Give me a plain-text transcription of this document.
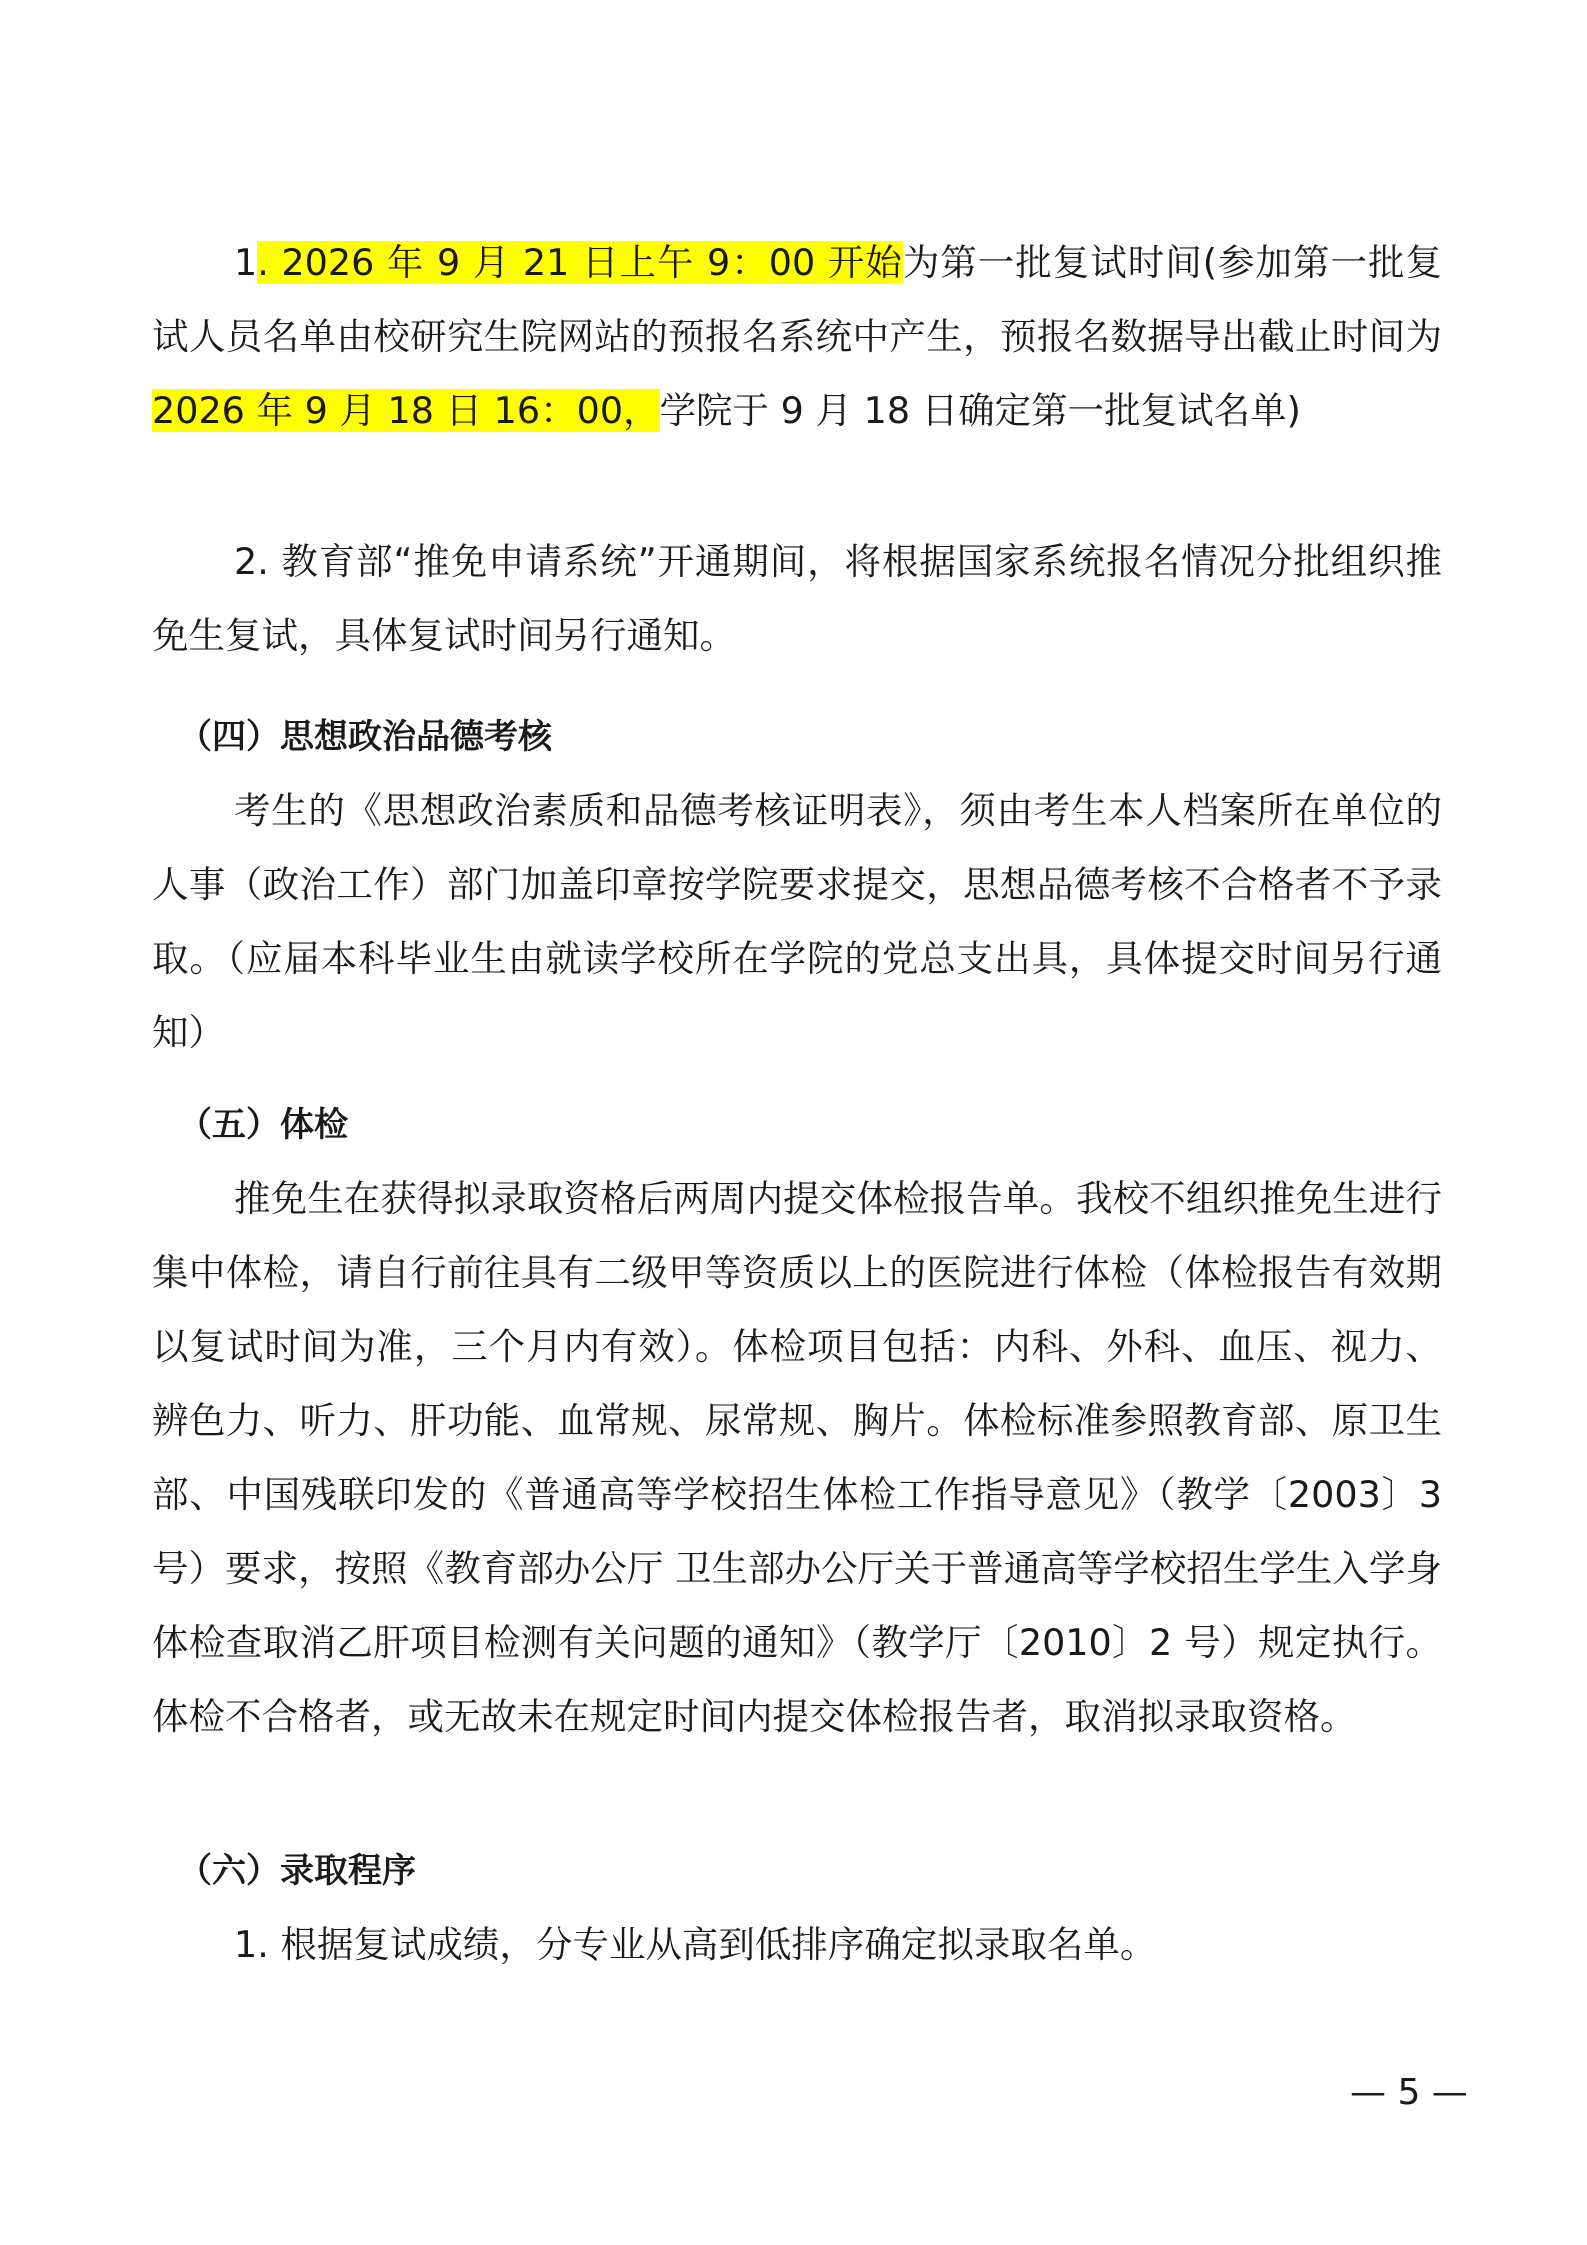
1. 2026 年 9 月 21 日上午 9：00 开始为第一批复试时间(参加第一批复试人员名单由校研究生院网站的预报名系统中产生，预报名数据导出截止时间为2026 年 9 月 18 日 16：00，学院于 9 月 18 日确定第一批复试名单)

2. 教育部“推免申请系统”开通期间，将根据国家系统报名情况分批组织推免生复试，具体复试时间另行通知。

（四）思想政治品德考核

考生的《思想政治素质和品德考核证明表》，须由考生本人档案所在单位的人事（政治工作）部门加盖印章按学院要求提交，思想品德考核不合格者不予录取。（应届本科毕业生由就读学校所在学院的党总支出具，具体提交时间另行通知）

（五）体检

推免生在获得拟录取资格后两周内提交体检报告单。我校不组织推免生进行集中体检，请自行前往具有二级甲等资质以上的医院进行体检（体检报告有效期以复试时间为准，三个月内有效）。体检项目包括：内科、外科、血压、视力、辨色力、听力、肝功能、血常规、尿常规、胸片。体检标准参照教育部、原卫生部、中国残联印发的《普通高等学校招生体检工作指导意见》（教学〔2003〕3 号）要求，按照《教育部办公厅 卫生部办公厅关于普通高等学校招生学生入学身体检查取消乙肝项目检测有关问题的通知》（教学厅〔2010〕2 号）规定执行。体检不合格者，或无故未在规定时间内提交体检报告者，取消拟录取资格。

（六）录取程序

1. 根据复试成绩，分专业从高到低排序确定拟录取名单。

— 5 —
